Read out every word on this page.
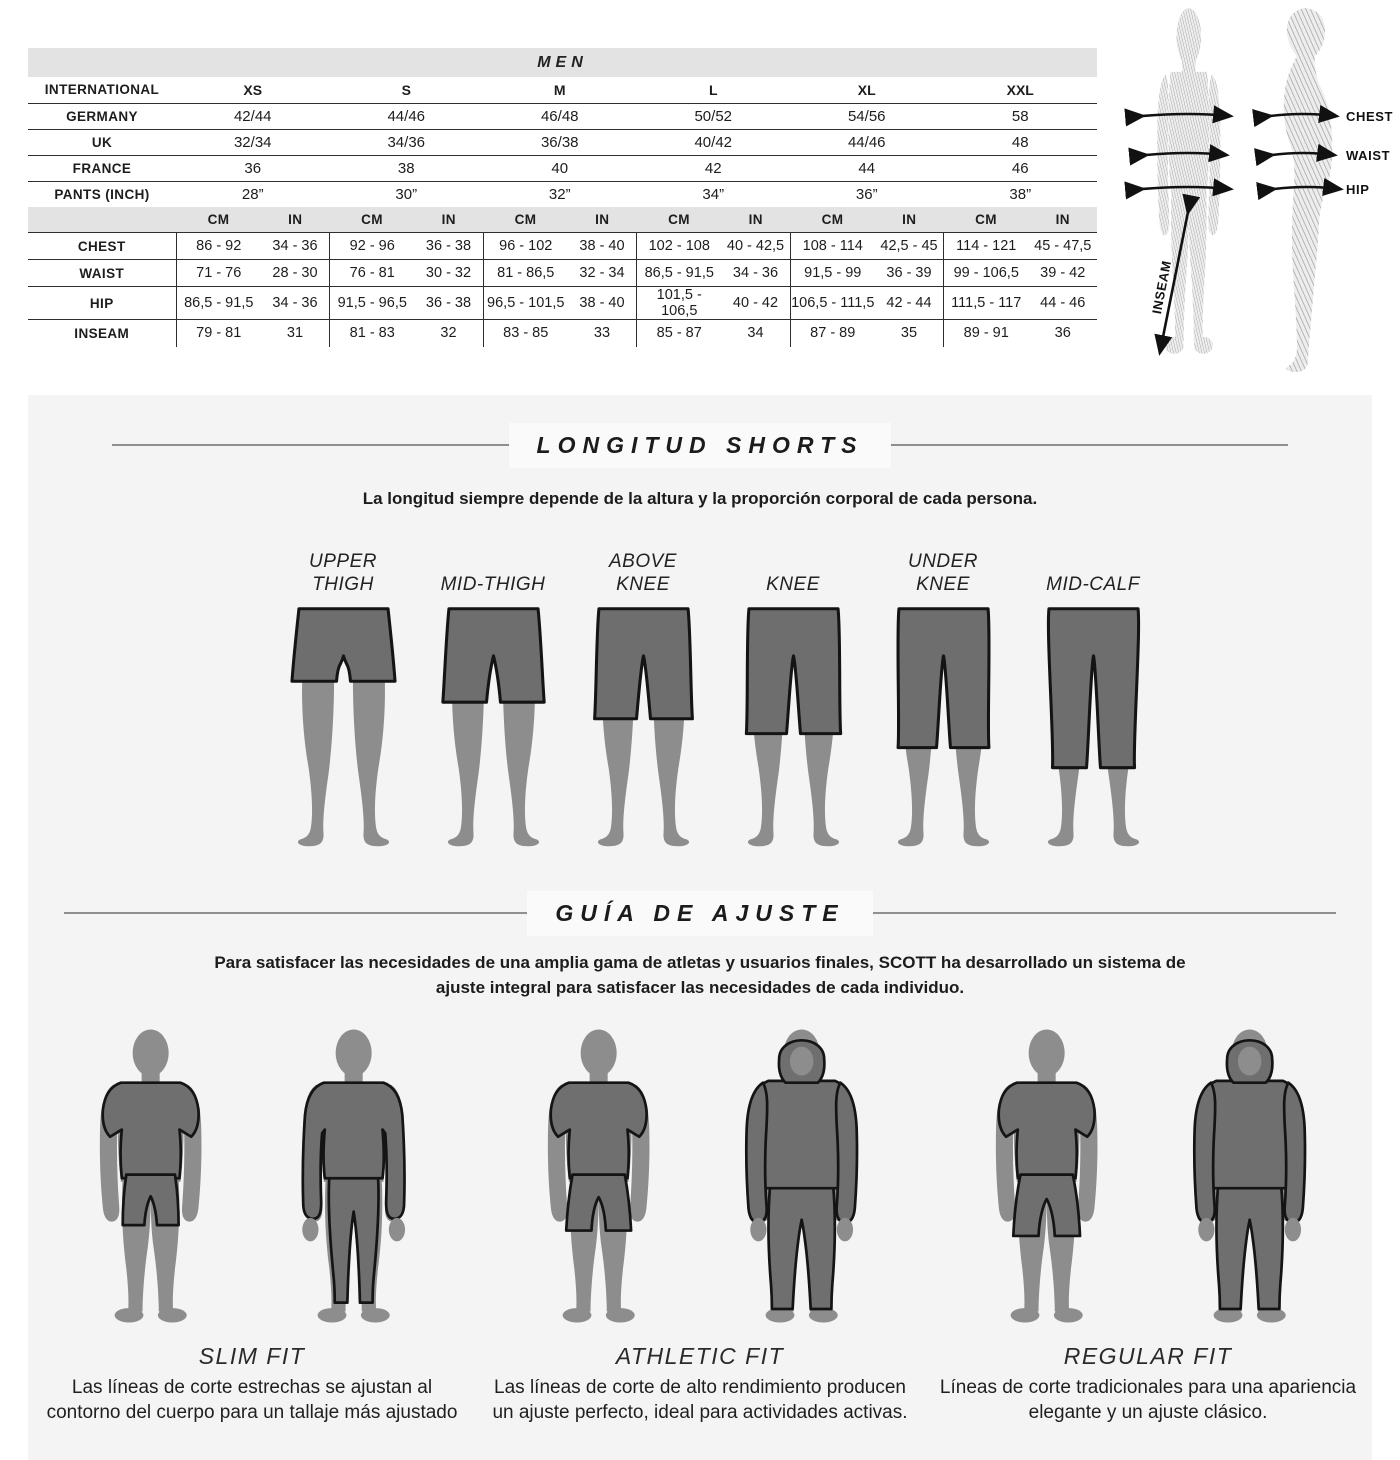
MEN
INTERNATIONAL	XS	S	M	L	XL	XXL
GERMANY	42/44	44/46	46/48	50/52	54/56	58
UK	32/34	34/36	36/38	40/42	44/46	48
FRANCE	36	38	40	42	44	46
PANTS (INCH)	28”	30”	32”	34”	36”	38”
	CM	IN	CM	IN	CM	IN	CM	IN	CM	IN	CM	IN
CHEST	86 - 92	34 - 36	92 - 96	36 - 38	96 - 102	38 - 40	102 - 108	40 - 42,5	108 - 114	42,5 - 45	114 - 121	45 - 47,5
WAIST	71 - 76	28 - 30	76 - 81	30 - 32	81 - 86,5	32 - 34	86,5 - 91,5	34 - 36	91,5 - 99	36 - 39	99 - 106,5	39 - 42
HIP	86,5 - 91,5	34 - 36	91,5 - 96,5	36 - 38	96,5 - 101,5	38 - 40	101,5 - 106,5	40 - 42	106,5 - 111,5	42 - 44	111,5 - 117	44 - 46
INSEAM	79 - 81	31	81 - 83	32	83 - 85	33	85 - 87	34	87 - 89	35	89 - 91	36
CHEST
WAIST
HIP
INSEAM
LONGITUD SHORTS
La longitud siempre depende de la altura y la proporción corporal de cada persona.
UPPER THIGH	MID-THIGH
ABOVE KNEE	KNEE
UNDER KNEE	MID-CALF
GUÍA DE AJUSTE
Para satisfacer las necesidades de una amplia gama de atletas y usuarios finales, SCOTT ha desarrollado un sistema de ajuste integral para satisfacer las necesidades de cada individuo.
SLIM FIT
Las líneas de corte estrechas se ajustan al contorno del cuerpo para un tallaje más ajustado
ATHLETIC FIT
Las líneas de corte de alto rendimiento producen un ajuste perfecto, ideal para actividades activas.
REGULAR FIT
Líneas de corte tradicionales para una apariencia elegante y un ajuste clásico.
